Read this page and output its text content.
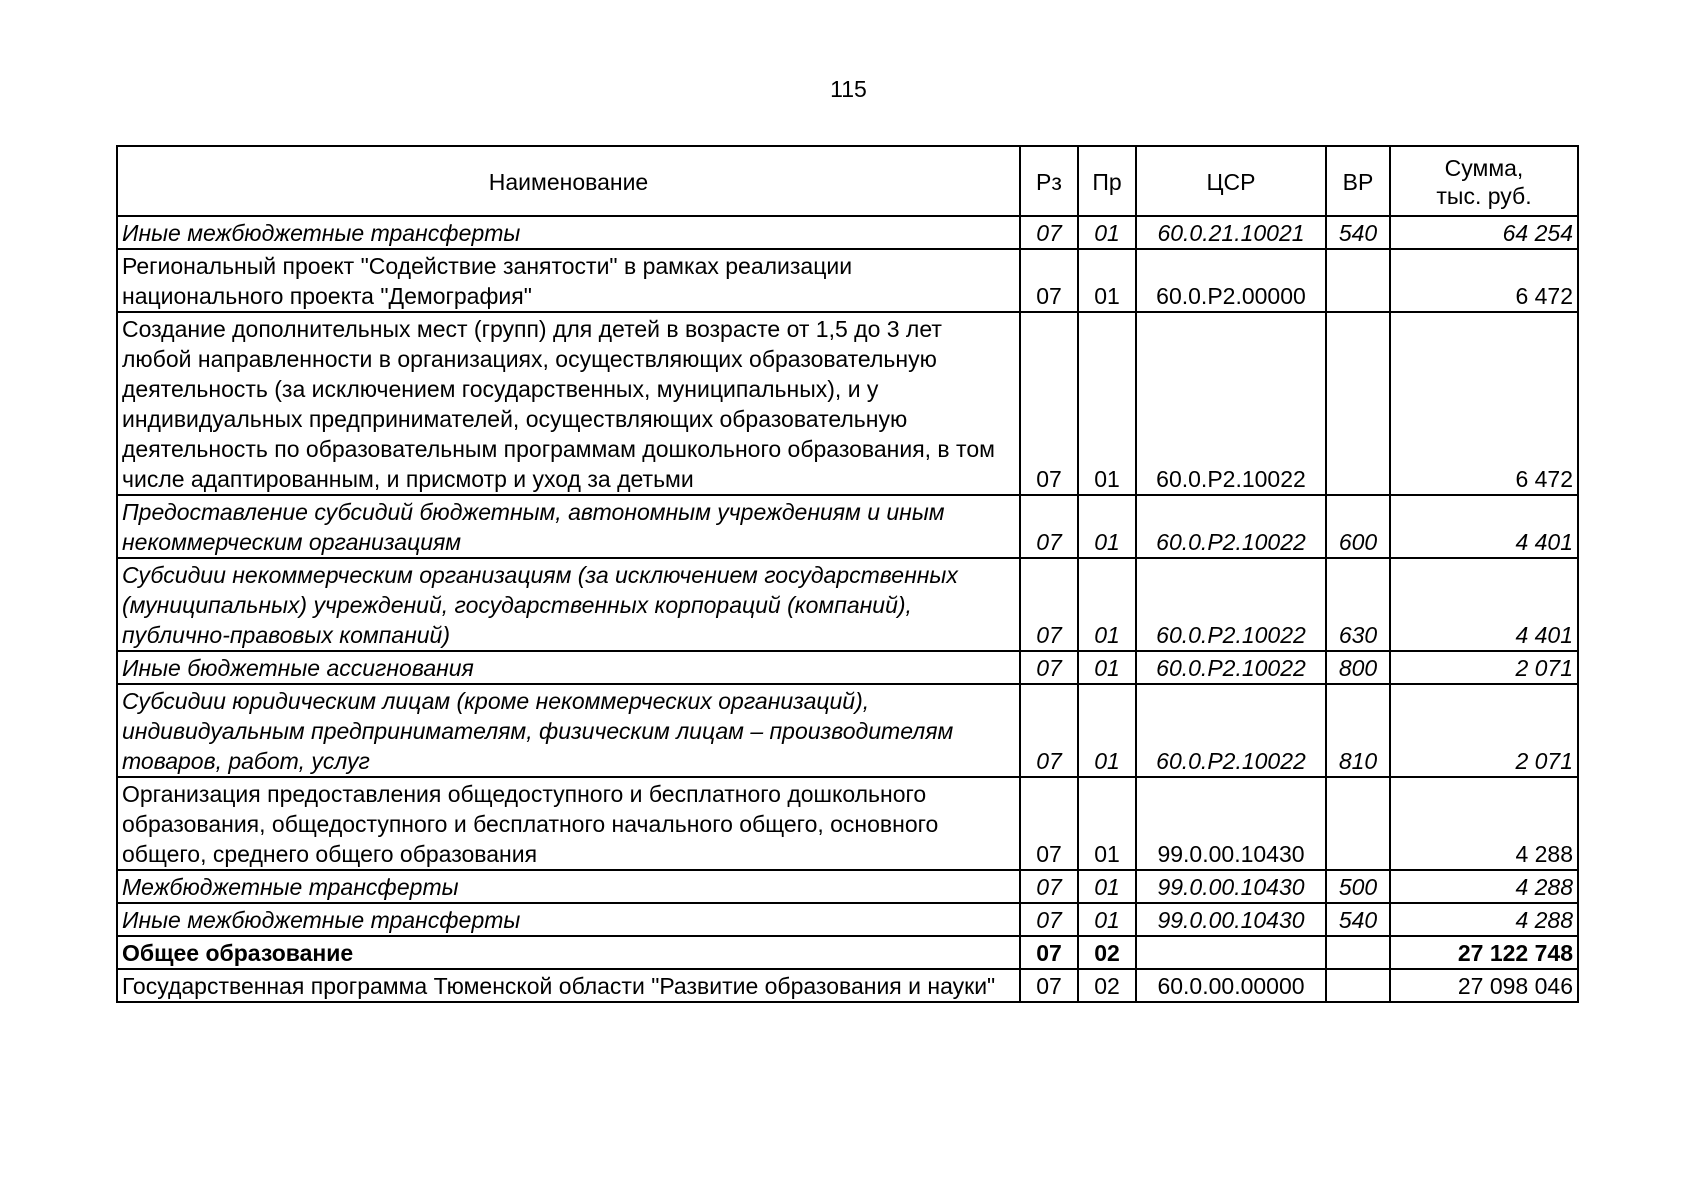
115
Наименование	Рз	Пр	ЦСР	ВР	Сумма,
тыс. руб.
Иные межбюджетные трансферты	07	01	60.0.21.10021	540	64 254
Региональный проект "Содействие занятости" в рамках реализации национального проекта "Демография"	07	01	60.0.Р2.00000		6 472
Создание дополнительных мест (групп) для детей в возрасте от 1,5 до 3 лет любой направленности в организациях, осуществляющих образовательную деятельность (за исключением государственных, муниципальных), и у индивидуальных предпринимателей, осуществляющих образовательную деятельность по образовательным программам дошкольного образования, в том числе адаптированным, и присмотр и уход за детьми	07	01	60.0.Р2.10022		6 472
Предоставление субсидий бюджетным, автономным учреждениям и иным некоммерческим организациям	07	01	60.0.Р2.10022	600	4 401
Субсидии некоммерческим организациям (за исключением государственных (муниципальных) учреждений, государственных корпораций (компаний), публично-правовых компаний)	07	01	60.0.Р2.10022	630	4 401
Иные бюджетные ассигнования	07	01	60.0.Р2.10022	800	2 071
Субсидии юридическим лицам (кроме некоммерческих организаций), индивидуальным предпринимателям, физическим лицам – производителям товаров, работ, услуг	07	01	60.0.Р2.10022	810	2 071
Организация предоставления общедоступного и бесплатного дошкольного образования, общедоступного и бесплатного начального общего, основного общего, среднего общего образования	07	01	99.0.00.10430		4 288
Межбюджетные трансферты	07	01	99.0.00.10430	500	4 288
Иные межбюджетные трансферты	07	01	99.0.00.10430	540	4 288
Общее образование	07	02			27 122 748
Государственная программа Тюменской области "Развитие образования и науки"	07	02	60.0.00.00000		27 098 046
